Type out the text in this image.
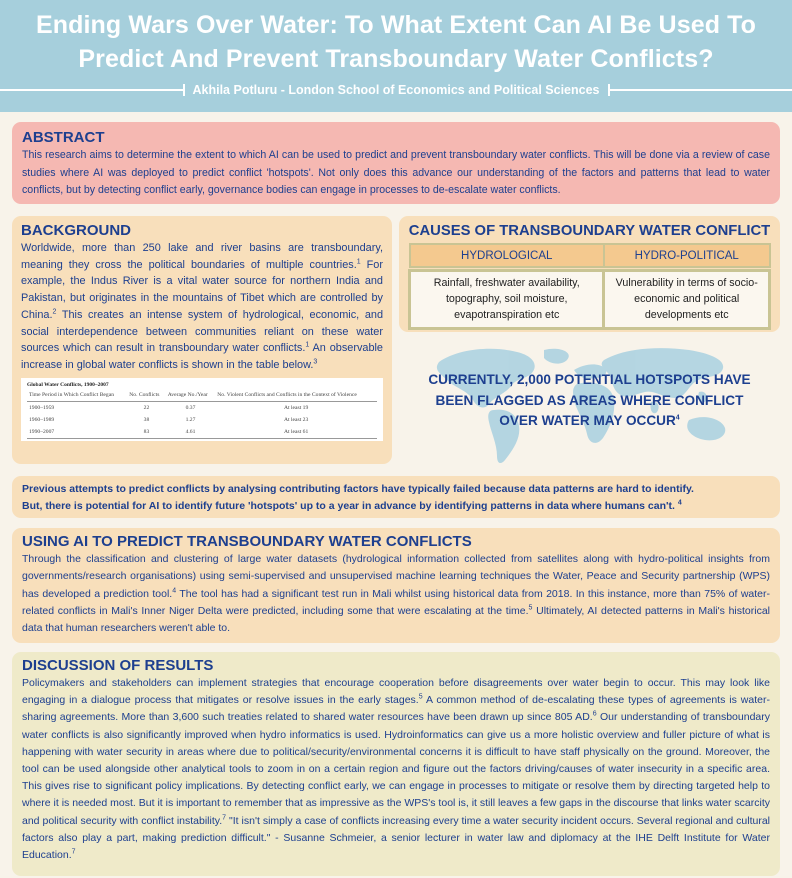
Ending Wars Over Water: To What Extent Can AI Be Used To
Predict And Prevent Transboundary Water Conflicts?
Akhila Potluru - London School of Economics and Political Sciences
ABSTRACT
This research aims to determine the extent to which AI can be used to predict and prevent transboundary water conflicts. This will be done via a review of case studies where AI was deployed to predict conflict 'hotspots'. Not only does this advance our understanding of the factors and patterns that lead to water conflicts, but by detecting conflict early, governance bodies can engage in processes to de-escalate water conflicts.
BACKGROUND
Worldwide, more than 250 lake and river basins are transboundary, meaning they cross the political boundaries of multiple countries.$^1$ For example, the Indus River is a vital water source for northern India and Pakistan, but originates in the mountains of Tibet which are controlled by China.$^2$ This creates an intense system of hydrological, economic, and social interdependence between communities reliant on these water sources which can result in transboundary water conflicts.$^1$ An observable increase in global water conflicts is shown in the table below.$^3$
Global Water Conflicts, 1900–2007
Time Period in Which Conflict Began	No. Conflicts	Average No./Year	No. Violent Conflicts and Conflicts in the Context of Violence
1900–1959	22	0.37	At least 19
1960–1989	38	1.27	At least 23
1990–2007	83	4.61	At least 61
CAUSES OF TRANSBOUNDARY WATER CONFLICT
HYDROLOGICAL	HYDRO-POLITICAL

Rainfall, freshwater availability, topography, soil moisture, evapotranspiration etc	Vulnerability in terms of socio-economic and political developments etc
CURRENTLY, 2,000 POTENTIAL HOTSPOTS HAVE
BEEN FLAGGED AS AREAS WHERE CONFLICT
OVER WATER MAY OCCUR$^4$
Previous attempts to predict conflicts by analysing contributing factors have typically failed because data patterns are hard to identify.
But, there is potential for AI to identify future 'hotspots' up to a year in advance by identifying patterns in data where humans can't. $^4$
USING AI TO PREDICT TRANSBOUNDARY WATER CONFLICTS
Through the classification and clustering of large water datasets (hydrological information collected from satellites along with hydro-political insights from governments/research organisations) using semi-supervised and unsupervised machine learning techniques the Water, Peace and Security partnership (WPS) has developed a prediction tool.$^4$ The tool has had a significant test run in Mali whilst using historical data from 2018. In this instance, more than 75% of water-related conflicts in Mali's Inner Niger Delta were predicted, including some that were escalating at the time.$^5$ Ultimately, AI detected patterns in Mali's historical data that human researchers weren't able to.
DISCUSSION OF RESULTS
Policymakers and stakeholders can implement strategies that encourage cooperation before disagreements over water begin to occur. This may look like engaging in a dialogue process that mitigates or resolve issues in the early stages.$^5$ A common method of de-escalating these types of agreements is water-sharing agreements. More than 3,600 such treaties related to shared water resources have been drawn up since 805 AD.$^6$ Our understanding of transboundary water conflicts is also significantly improved when hydro informatics is used. Hydroinformatics can give us a more holistic overview and fuller picture of what is happening with water security in areas where due to political/security/environmental concerns it is difficult to have staff physically on the ground. Moreover, the tool can be used alongside other analytical tools to zoom in on a certain region and figure out the factors driving/causes of water insecurity in a specific area. This gives rise to significant policy implications. By detecting conflict early, we can engage in processes to mitigate or resolve them by directing targeted help to where it is needed most. But it is important to remember that as impressive as the WPS's tool is, it still leaves a few gaps in the discourse that links water scarcity and political security with conflict instability.$^7$ "It isn't simply a case of conflicts increasing every time a water security incident occurs. Several regional and cultural factors also play a part, making prediction difficult." - Susanne Schmeier, a senior lecturer in water law and diplomacy at the IHE Delft Institute for Water Education.$^7$
